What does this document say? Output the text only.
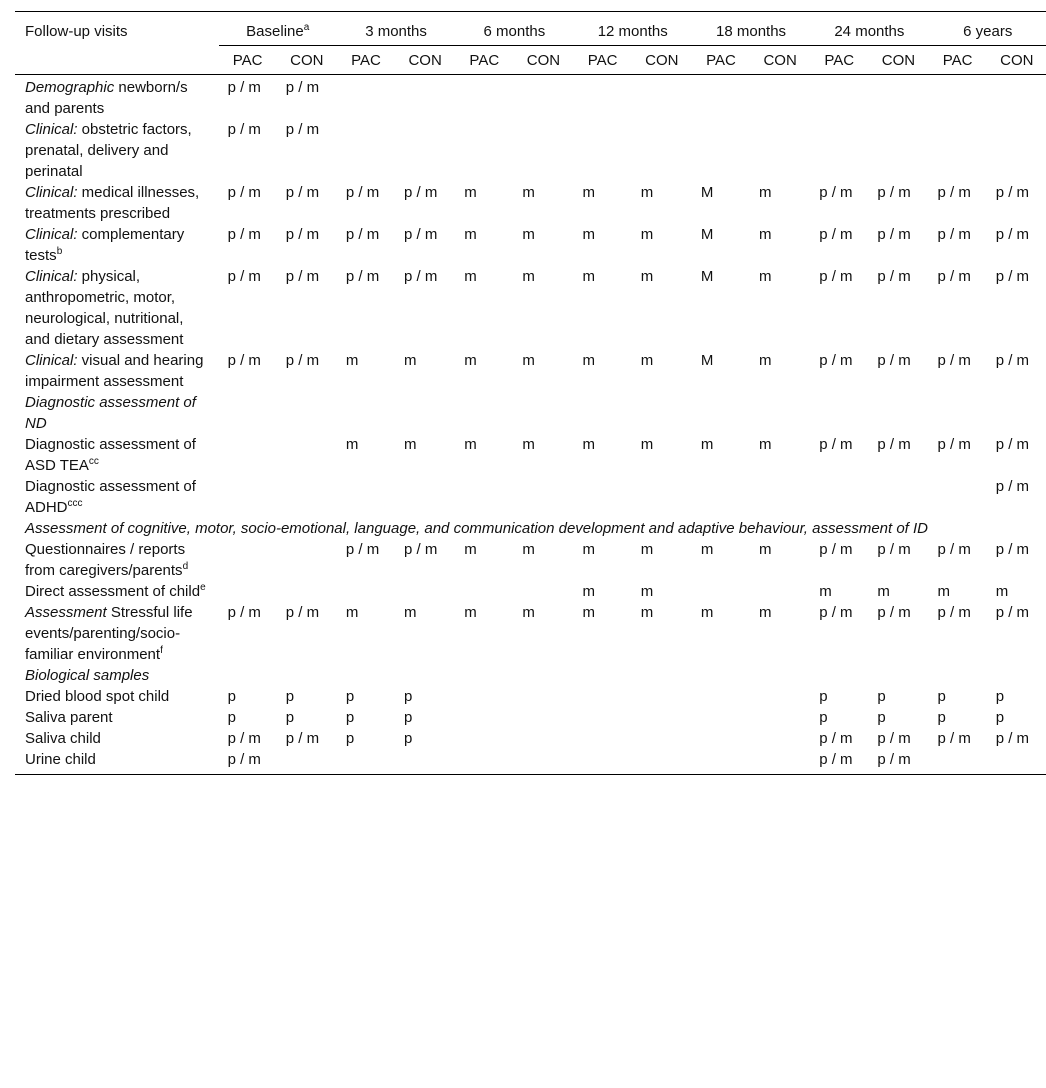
Follow-up visits	Baseline$^a$		3 months		6 months		12 months		18 months		24 months		6 years	
	PAC	CON	PAC	CON	PAC	CON	PAC	CON	PAC	CON	PAC	CON	PAC	CON
Demographic newborn/s and parents	p / m	p / m												
Clinical: obstetric factors, prenatal, delivery and perinatal	p / m	p / m												
Clinical: medical illnesses, treatments prescribed	p / m	p / m	p / m	p / m	m	m	m	m	M	m	p / m	p / m	p / m	p / m
Clinical: complementary tests$^b$	p / m	p / m	p / m	p / m	m	m	m	m	M	m	p / m	p / m	p / m	p / m
Clinical: physical, anthropometric, motor, neurological, nutritional, and dietary assessment	p / m	p / m	p / m	p / m	m	m	m	m	M	m	p / m	p / m	p / m	p / m
Clinical: visual and hearing impairment assessment	p / m	p / m	m	m	m	m	m	m	M	m	p / m	p / m	p / m	p / m
Diagnostic assessment of ND														
Diagnostic assessment of ASD $TEA^{cc}$			m	m	m	m	m	m	m	m	p / m	p / m	p / m	p / m
Diagnostic assessment of $ADHD^{ccc}$														p / m
Assessment of cognitive, motor, socio-emotional, language, and communication development and adaptive behaviour, assessment of ID														
Questionnaires / reports from caregivers/parents$^d$			p / m	p / m	m	m	m	m	m	m	p / m	p / m	p / m	p / m
Direct assessment of child$^e$							m	m			m	m	m	m
Assessment Stressful life events/parenting/socio-familiar environment$^f$	p / m	p / m	m	m	m	m	m	m	m	m	p / m	p / m	p / m	p / m
Biological samples														
Dried blood spot child	p	p	p	p							p	p	p	p
Saliva parent	p	p	p	p							p	p	p	p
Saliva child	p / m	p / m	p	p							p / m	p / m	p / m	p / m
Urine child	p / m										p / m	p / m		
